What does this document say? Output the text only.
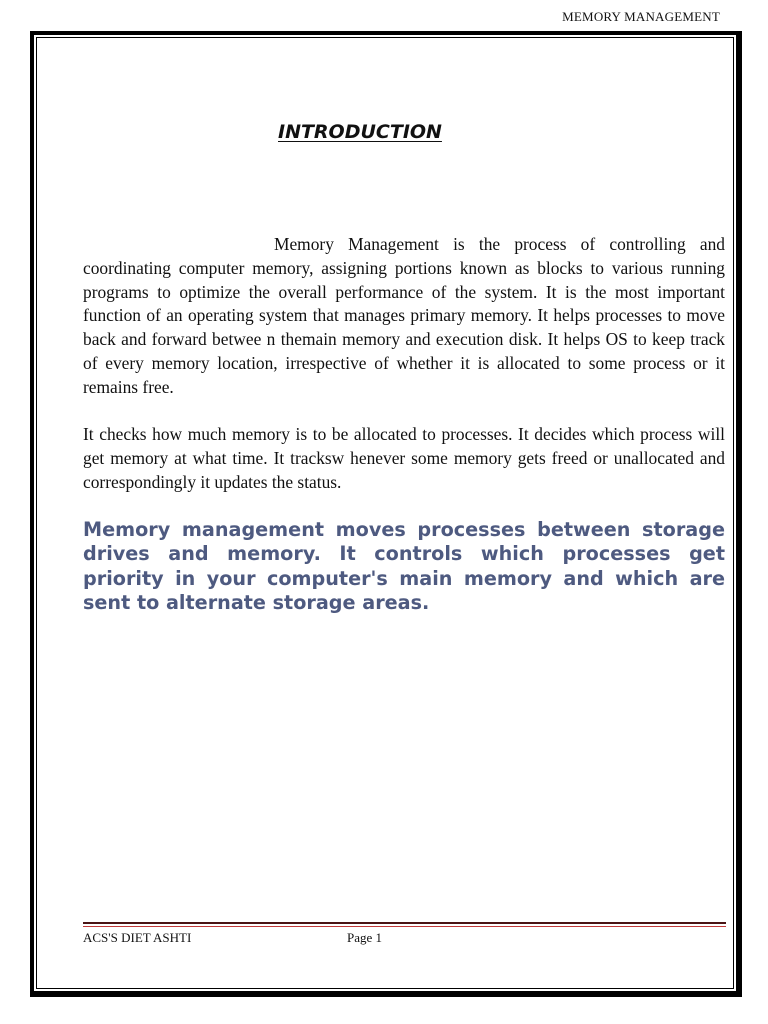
MEMORY MANAGEMENT
INTRODUCTION
Memory Management is the process of controlling and coordinating computer memory, assigning portions known as blocks to various running programs to optimize the overall performance of the system. It is the most important function of an operating system that manages primary memory. It helps processes to move back and forward betwee n themain memory and execution disk. It helps OS to keep track of every memory location, irrespective of whether it is allocated to some process or it remains free.
It checks how much memory is to be allocated to processes. It decides which process will get memory at what time. It tracksw henever some memory gets freed or unallocated and correspondingly it updates the status.
Memory management moves processes between storage drives and memory. It controls which processes get priority in your computer's main memory and which are sent to alternate storage areas.
ACS'S DIET ASHTI	Page 1
